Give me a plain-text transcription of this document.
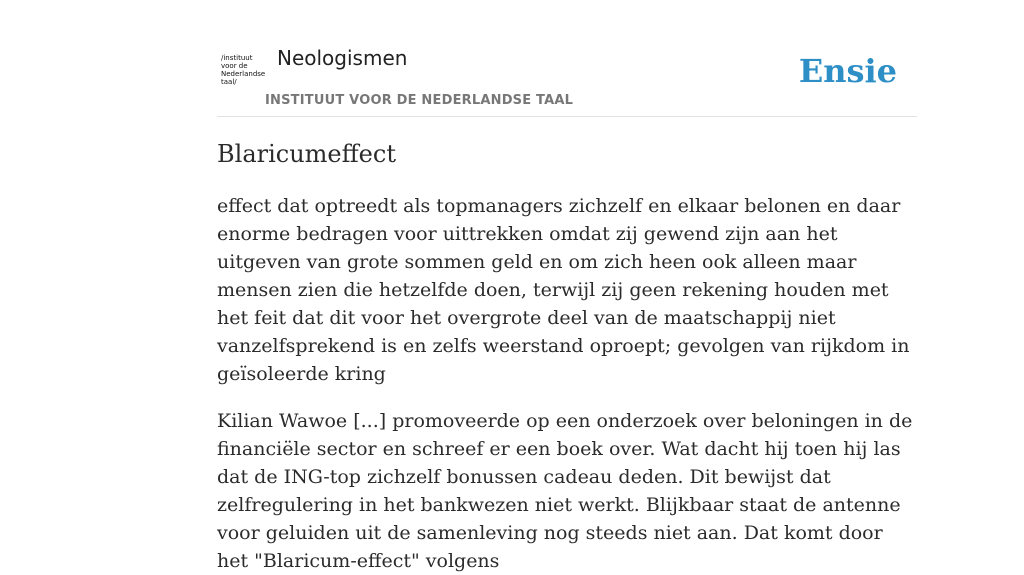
/instituut
voor de
Nederlandse
taal/
Neologismen
INSTITUUT VOOR DE NEDERLANDSE TAAL
Ensie
Blaricumeffect

effect dat optreedt als topmanagers zichzelf en elkaar belonen en daar enorme bedragen voor uittrekken omdat zij gewend zijn aan het uitgeven van grote sommen geld en om zich heen ook alleen maar mensen zien die hetzelfde doen, terwijl zij geen rekening houden met het feit dat dit voor het overgrote deel van de maatschappij niet vanzelfsprekend is en zelfs weerstand oproept; gevolgen van rijkdom in geïsoleerde kring

Kilian Wawoe [...] promoveerde op een onderzoek over beloningen in de financiële sector en schreef er een boek over. Wat dacht hij toen hij las dat de ING-top zichzelf bonussen cadeau deden. Dit bewijst dat zelfregulering in het bankwezen niet werkt. Blijkbaar staat de antenne voor geluiden uit de samenleving nog steeds niet aan. Dat komt door het "Blaricum-effect" volgens
